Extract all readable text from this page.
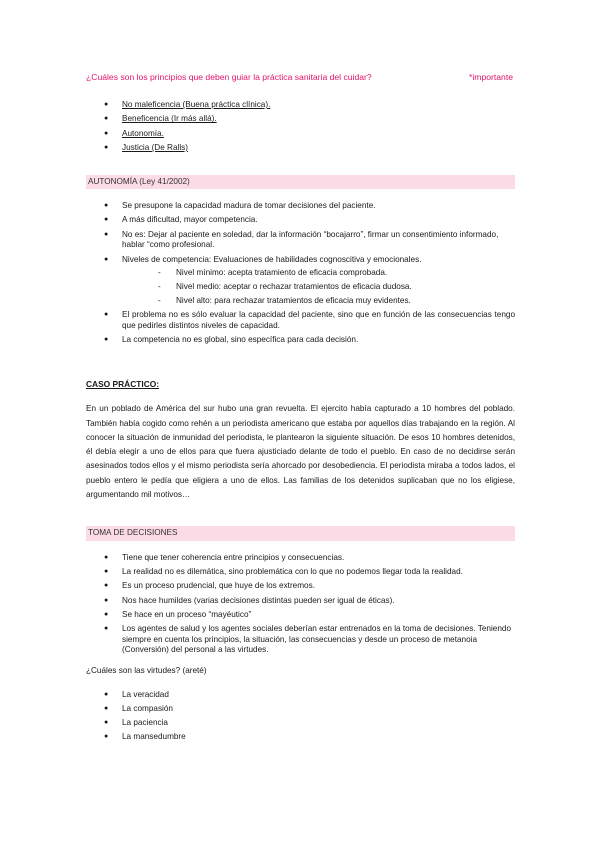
¿Cuáles son los principios que deben guiar la práctica sanitaria del cuidar?	*importante
● No maleficencia (Buena práctica clínica).
● Beneficencia (Ir más allá).
● Autonomía.
● Justicia (De Ralls)
AUTONOMÍA (Ley 41/2002)
● Se presupone la capacidad madura de tomar decisiones del paciente.
● A más dificultad, mayor competencia.
● No es: Dejar al paciente en soledad, dar la información “bocajarro”, firmar un consentimiento informado, hablar “como profesional.
● Niveles de competencia: Evaluaciones de habilidades cognoscitiva y emocionales.
- Nivel mínimo: acepta tratamiento de eficacia comprobada.
- Nivel medio: aceptar o rechazar tratamientos de eficacia dudosa.
- Nivel alto: para rechazar tratamientos de eficacia muy evidentes.
● El problema no es sólo evaluar la capacidad del paciente, sino que en función de las consecuencias tengo que pedirles distintos niveles de capacidad.
● La competencia no es global, sino específica para cada decisión.
CASO PRÁCTICO:

En un poblado de América del sur hubo una gran revuelta. El ejercito había capturado a 10 hombres del poblado. También había cogido como rehén a un periodista americano que estaba por aquellos días trabajando en la región. Al conocer la situación de inmunidad del periodista, le plantearon la siguiente situación. De esos 10 hombres detenidos, él debía elegir a uno de ellos para que fuera ajusticiado delante de todo el pueblo. En caso de no decidirse serán asesinados todos ellos y el mismo periodista sería ahorcado por desobediencia. El periodista miraba a todos lados, el pueblo entero le pedía que eligiera a uno de ellos. Las familias de los detenidos suplicaban que no los eligiese, argumentando mil motivos…

TOMA DE DECISIONES
● Tiene que tener coherencia entre principios y consecuencias.
● La realidad no es dilemática, sino problemática con lo que no podemos llegar toda la realidad.
● Es un proceso prudencial, que huye de los extremos.
● Nos hace humildes (varias decisiones distintas pueden ser igual de éticas).
● Se hace en un proceso “mayéutico”
● Los agentes de salud y los agentes sociales deberían estar entrenados en la toma de decisiones. Teniendo siempre en cuenta los principios, la situación, las consecuencias y desde un proceso de metanoia (Conversión) del personal a las virtudes.
¿Cuáles son las virtudes? (areté)
● La veracidad
● La compasión
● La paciencia
● La mansedumbre
